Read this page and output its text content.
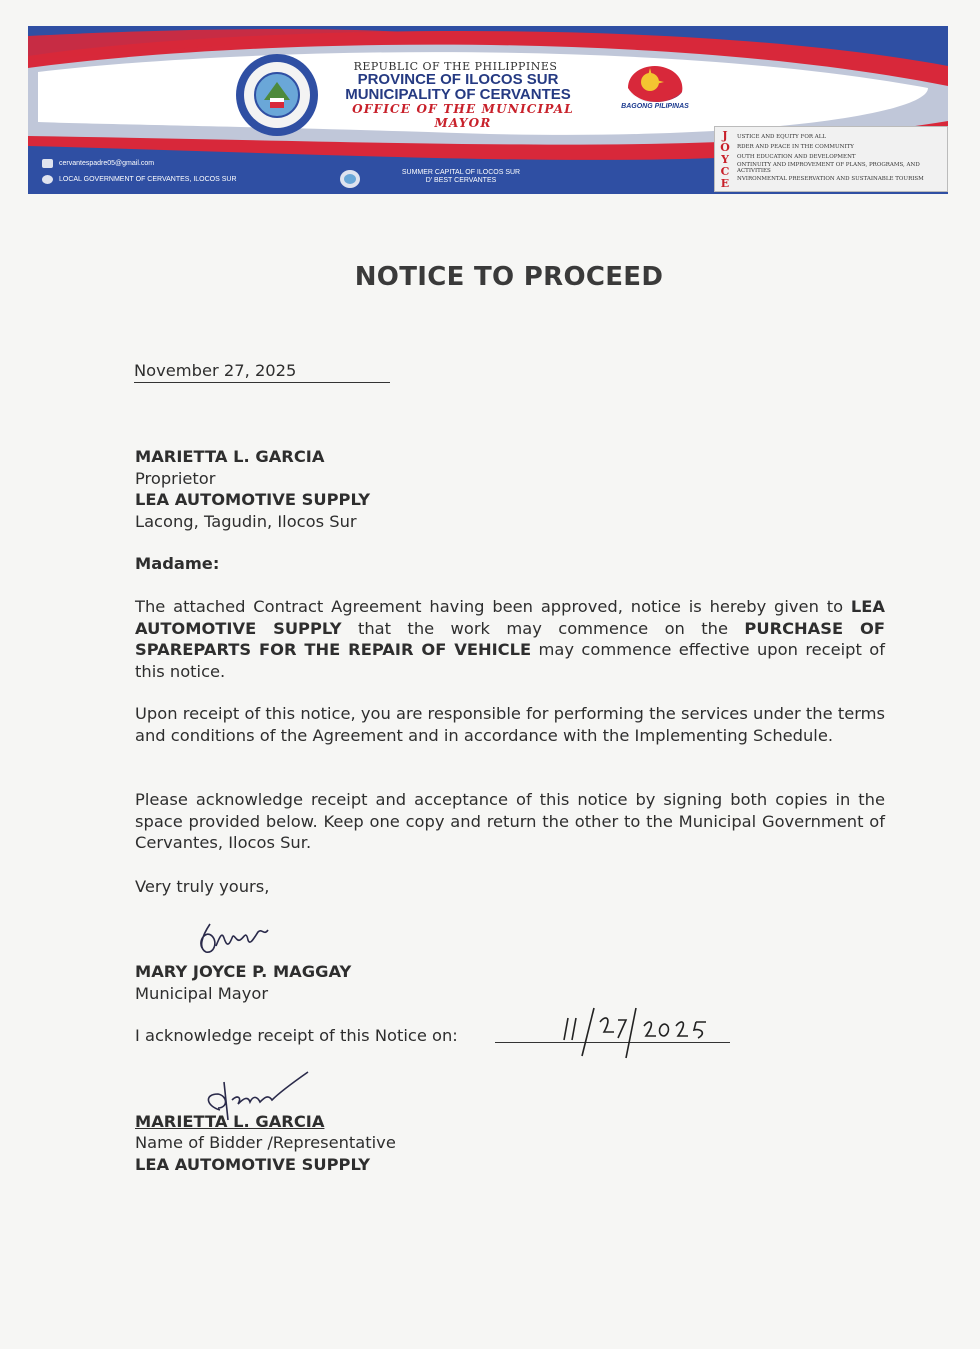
REPUBLIC OF THE PHILIPPINES
PROVINCE OF ILOCOS SUR
MUNICIPALITY OF CERVANTES
OFFICE OF THE MUNICIPAL MAYOR
BAGONG PILIPINAS
cervantespadre05@gmail.com
LOCAL GOVERNMENT OF CERVANTES, ILOCOS SUR
SUMMER CAPITAL OF ILOCOS SUR
D' BEST CERVANTES
J
O
Y
C
E
USTICE AND EQUITY FOR ALL
RDER AND PEACE IN THE COMMUNITY
OUTH EDUCATION AND DEVELOPMENT
ONTINUITY AND IMPROVEMENT OF PLANS, PROGRAMS, AND ACTIVITIES
NVIRONMENTAL PRESERVATION AND SUSTAINABLE TOURISM
NOTICE TO PROCEED
November 27, 2025
MARIETTA L. GARCIA
Proprietor
LEA AUTOMOTIVE SUPPLY
Lacong, Tagudin, Ilocos Sur
Madame:
The attached Contract Agreement having been approved, notice is hereby given to LEA AUTOMOTIVE SUPPLY that the work may commence on the PURCHASE OF SPAREPARTS FOR THE REPAIR OF VEHICLE may commence effective upon receipt of this notice.
Upon receipt of this notice, you are responsible for performing the services under the terms and conditions of the Agreement and in accordance with the Implementing Schedule.
Please acknowledge receipt and acceptance of this notice by signing both copies in the space provided below. Keep one copy and return the other to the Municipal Government of Cervantes, Ilocos Sur.
Very truly yours,
MARY JOYCE P. MAGGAY
Municipal Mayor
I acknowledge receipt of this Notice on:
MARIETTA L. GARCIA
Name of Bidder /Representative
LEA AUTOMOTIVE SUPPLY
